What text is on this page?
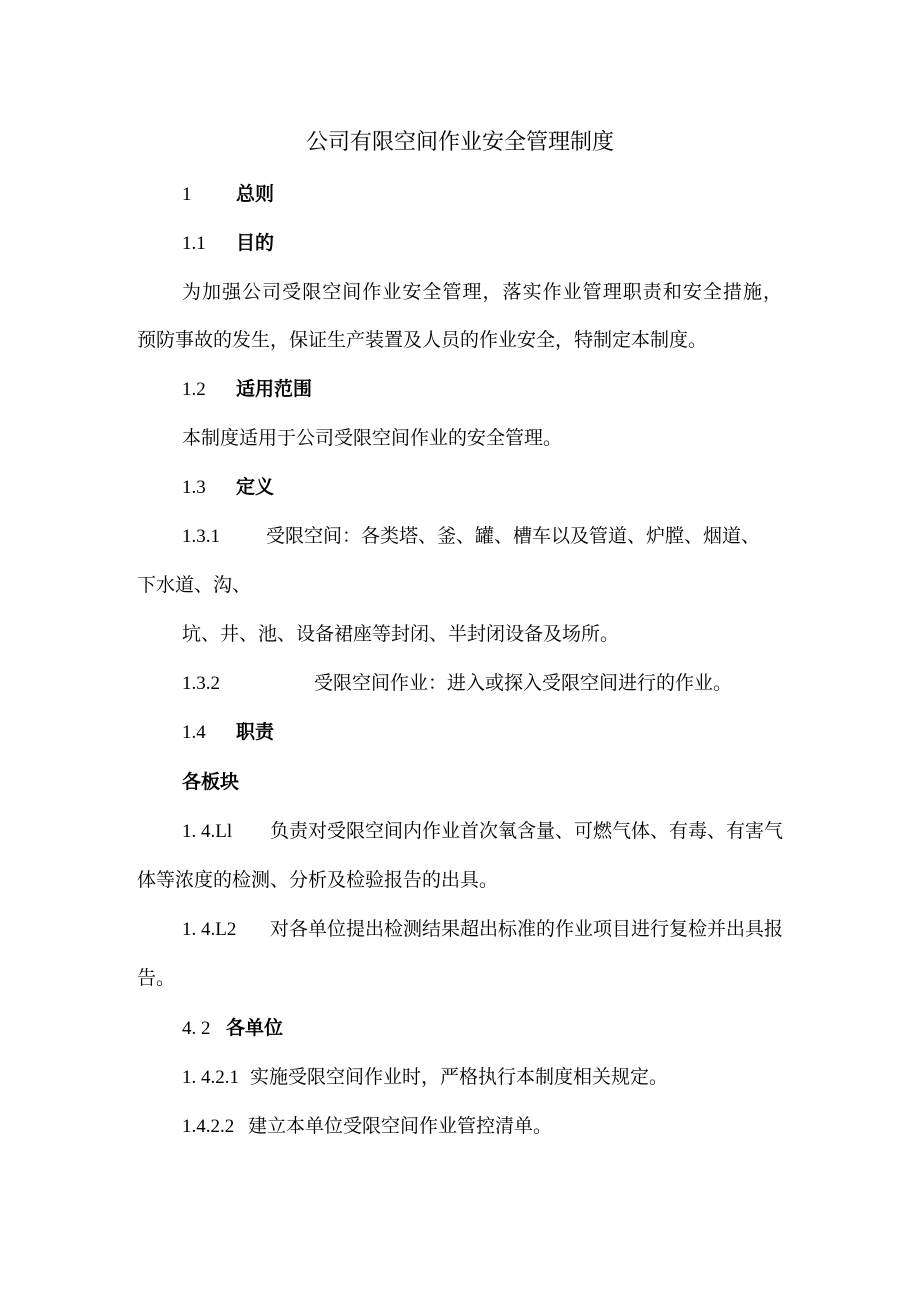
公司有限空间作业安全管理制度
1 总则
1.1 目的
为加强公司受限空间作业安全管理，落实作业管理职责和安全措施，
预防事故的发生，保证生产装置及人员的作业安全，特制定本制度。
1.2 适用范围
本制度适用于公司受限空间作业的安全管理。
1.3 定义
1.3.1 受限空间：各类塔、釜、罐、槽车以及管道、炉膛、烟道、
下水道、沟、
坑、井、池、设备裙座等封闭、半封闭设备及场所。
1.3.2	受限空间作业：进入或探入受限空间进行的作业。
1.4 职责
各板块
1. 4.Ll 负责对受限空间内作业首次氧含量、可燃气体、有毒、有害气
体等浓度的检测、分析及检验报告的出具。
1. 4.L2 对各单位提出检测结果超出标准的作业项目进行复检并出具报
告。
4. 2 各单位
1. 4.2.1 实施受限空间作业时，严格执行本制度相关规定。
1.4.2.2 建立本单位受限空间作业管控清单。
